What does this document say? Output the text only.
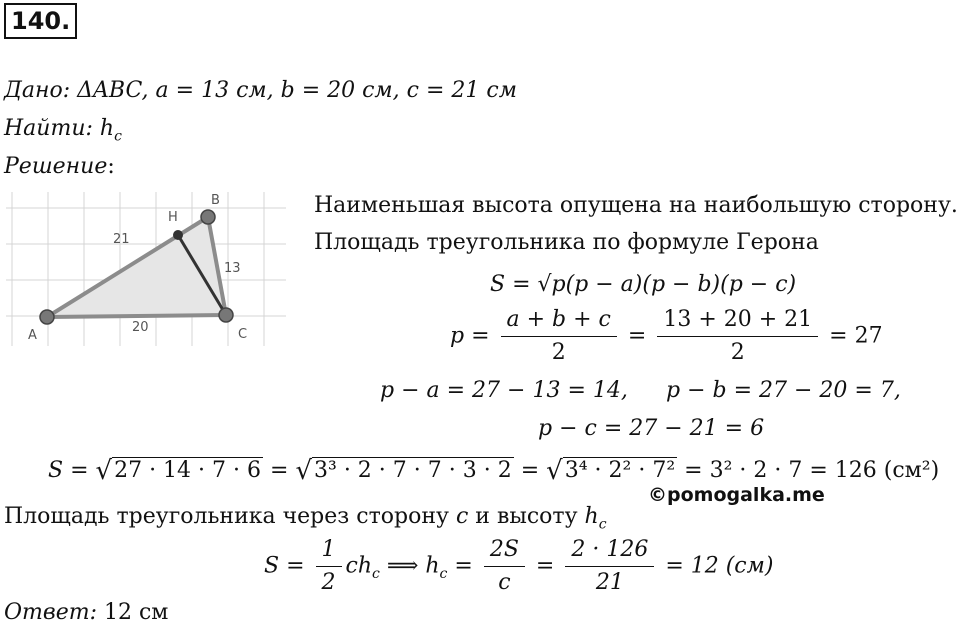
140.
Дано: ΔABC, a = 13 см, b = 20 см, c = 21 см
Найти: $h_c$
Решение:
A
B
C
H
21
13
20
Наименьшая высота опущена на наибольшую сторону.
Площадь треугольника по формуле Герона
S = √p(p − a)(p − b)(p − c)
$p = \frac{a + b + c}{2} = \frac{13 + 20 + 21}{2} = 27$
p − a = 27 − 13 = 14, p − b = 27 − 20 = 7,
p − c = 27 − 21 = 6
S = √27 · 14 · 7 · 6 = √3³ · 2 · 7 · 7 · 3 · 2 = √3⁴ · 2² · 7² = 3² · 2 · 7 = 126 (см²)
©pomogalka.me
Площадь треугольника через сторону c и высоту $h_c$
$S = \frac{1}{2} ch_c$ ⟹ $h_c = \frac{2S}{c} = \frac{2 \cdot 126}{21} = 12$ (см)
Ответ: 12 см
